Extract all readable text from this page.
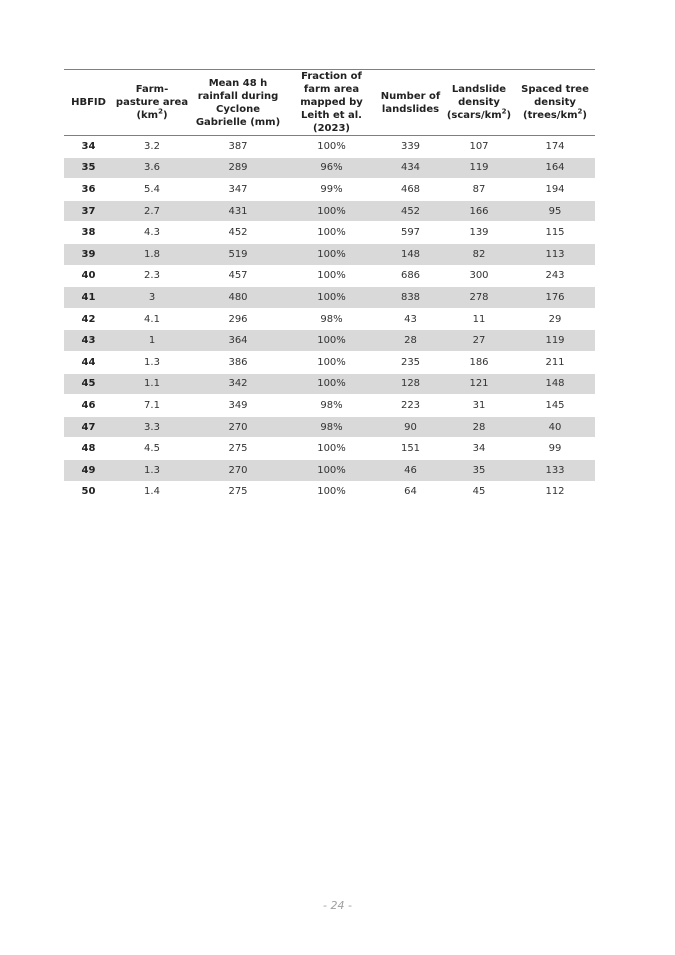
HBFID	Farm-pasture area $(km^2)$	Mean 48 h rainfall during Cyclone Gabrielle (mm)	Fraction of farm area mapped by Leith et al. (2023)	Number of landslides	Landslide density $(scars/km^2)$	Spaced tree density $(trees/km^2)$
34	3.2	387	100%	339	107	174
35	3.6	289	96%	434	119	164
36	5.4	347	99%	468	87	194
37	2.7	431	100%	452	166	95
38	4.3	452	100%	597	139	115
39	1.8	519	100%	148	82	113
40	2.3	457	100%	686	300	243
41	3	480	100%	838	278	176
42	4.1	296	98%	43	11	29
43	1	364	100%	28	27	119
44	1.3	386	100%	235	186	211
45	1.1	342	100%	128	121	148
46	7.1	349	98%	223	31	145
47	3.3	270	98%	90	28	40
48	4.5	275	100%	151	34	99
49	1.3	270	100%	46	35	133
50	1.4	275	100%	64	45	112
- 24 -
